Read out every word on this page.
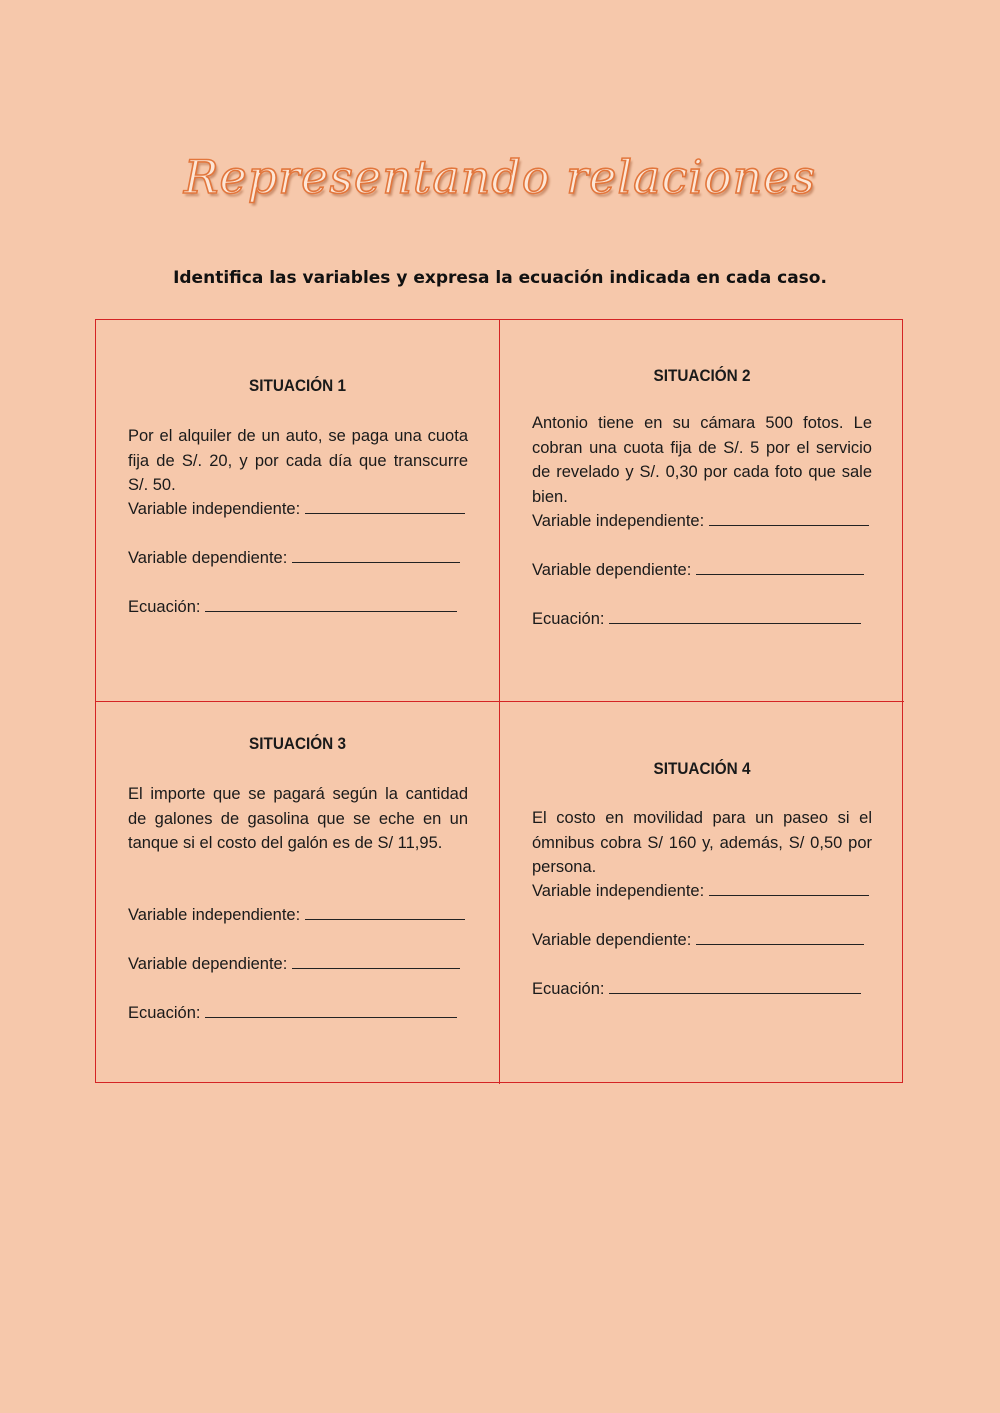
Representando relaciones
Identifica las variables y expresa la ecuación indicada en cada caso.
SITUACIÓN 1
Por el alquiler de un auto, se paga una cuota fija de S/. 20, y por cada día que transcurre S/. 50.
Variable independiente:
Variable dependiente:
Ecuación:
SITUACIÓN 2
Antonio tiene en su cámara 500 fotos. Le cobran una cuota fija de S/. 5 por el servicio de revelado y S/. 0,30 por cada foto que sale bien.
Variable independiente:
Variable dependiente:
Ecuación:
SITUACIÓN 3
El importe que se pagará según la cantidad de galones de gasolina que se eche en un tanque si el costo del galón es de S/ 11,95.
Variable independiente:
Variable dependiente:
Ecuación:
SITUACIÓN 4
El costo en movilidad para un paseo si el ómnibus cobra S/ 160 y, además, S/ 0,50 por persona.
Variable independiente:
Variable dependiente:
Ecuación:
